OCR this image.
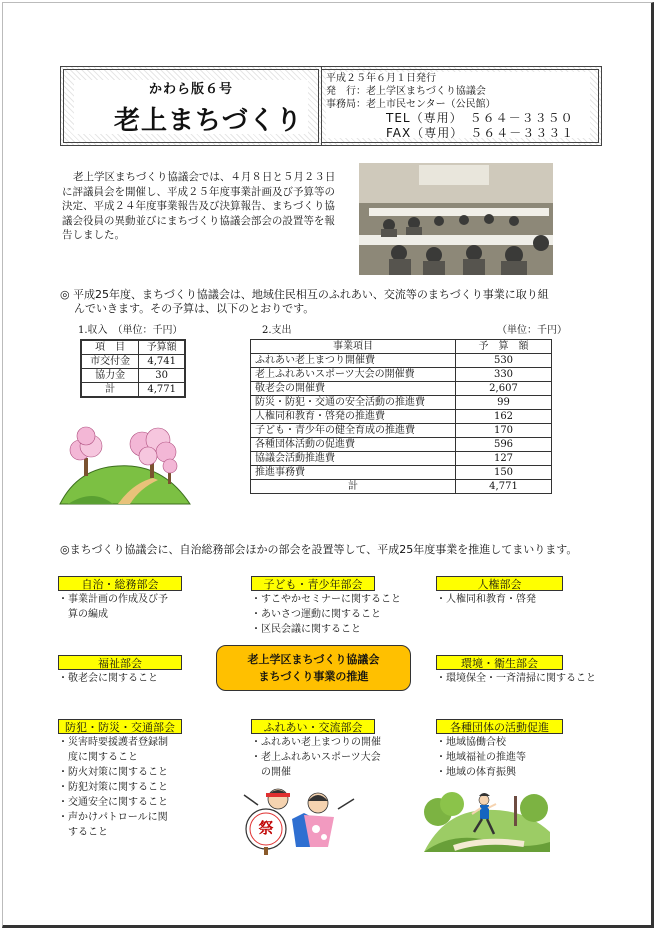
かわら版６号
老上まちづくり
平成２５年６月１日発行
発　行：老上学区まちづくり協議会
事務局：老上市民センター（公民館）
TEL（専用）　５６４－３３５０
FAX（専用）　５６４－３３３１
老上学区まちづくり協議会では、４月８日と５月２３日に評議員会を開催し、平成２５年度事業計画及び予算等の決定、平成２４年度事業報告及び決算報告、まちづくり協議会役員の異動並びにまちづくり協議会部会の設置等を報告しました。
◎ 平成25年度、まちづくり協議会は、地域住民相互のふれあい、交流等のまちづくり事業に取り組
んでいきます。その予算は、以下のとおりです。
1.収入　（単位：千円）	2.支出	（単位：千円）
項　目	予算額
市交付金	4,741
協力金	30
計	4,771
事業項目	予　算　額
ふれあい老上まつり開催費	530
老上ふれあいスポーツ大会の開催費	330
敬老会の開催費	2,607
防災・防犯・交通の安全活動の推進費	99
人権同和教育・啓発の推進費	162
子ども・青少年の健全育成の推進費	170
各種団体活動の促進費	596
協議会活動推進費	127
推進事務費	150
計	4,771
◎まちづくり協議会に、自治総務部会ほかの部会を設置等して、平成25年度事業を推進してまいります。
自治・総務部会
・事業計画の作成及び予
　算の編成
子ども・青少年部会
・すこやかセミナーに関すること
・あいさつ運動に関すること
・区民会議に関すること
人権部会
・人権同和教育・啓発
福祉部会
・敬老会に関すること
老上学区まちづくり協議会
まちづくり事業の推進
環境・衛生部会
・環境保全・一斉清掃に関すること
防犯・防災・交通部会
・災害時要援護者登録制
　度に関すること
・防火対策に関すること
・防犯対策に関すること
・交通安全に関すること
・声かけパトロールに関
　すること
ふれあい・交流部会
・ふれあい老上まつりの開催
・老上ふれあいスポーツ大会
　の開催
各種団体の活動促進
・地域協働合校
・地域福祉の推進等
・地域の体育振興
祭
